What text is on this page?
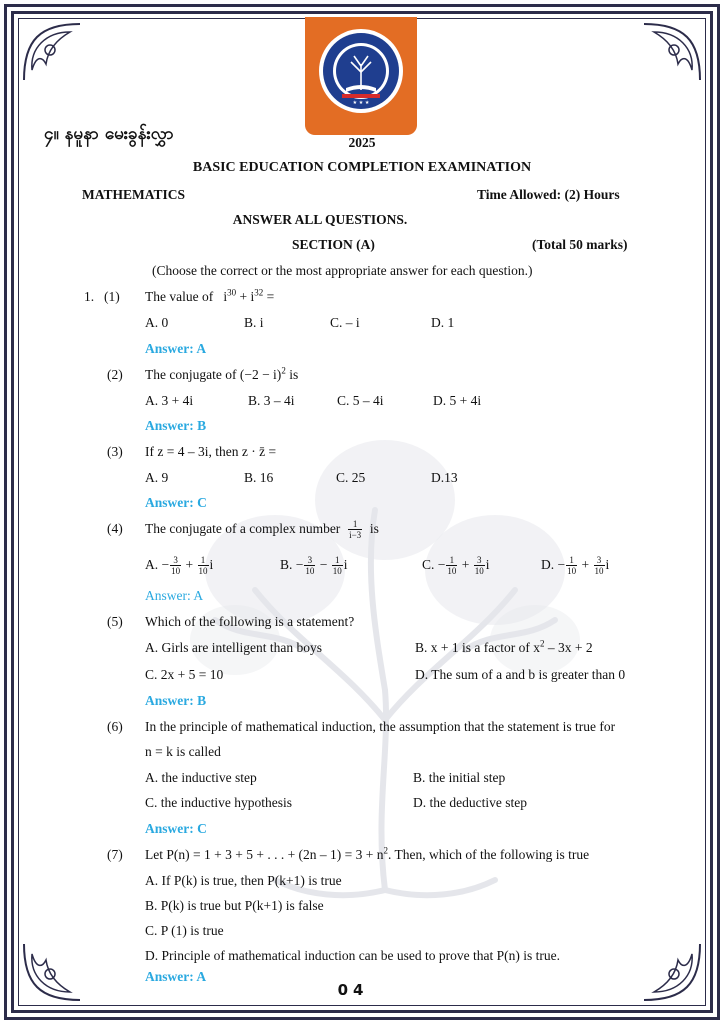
★ ★ ★
၄။ နမူနာ မေးခွန်းလွှာ	2025
BASIC EDUCATION COMPLETION EXAMINATION
MATHEMATICS	Time Allowed: (2) Hours
ANSWER ALL QUESTIONS.
SECTION (A)	(Total 50 marks)
(Choose the correct or the most appropriate answer for each question.)
1. (1) The value of $i^{30} + i^{32}$ =
A. 0	B. i	C. – i	D. 1
Answer: A
(2) The conjugate of $(-2 - i)^2$ is
A. 3 + 4i	B. 3 – 4i	C. 5 – 4i	D. 5 + 4i
Answer: B
(3) If z = 4 – 3i, then z · z̄ =
A. 9	B. 16	C. 25	D.13
Answer: C
(4) The conjugate of a complex number $\frac{1}{i-3}$ is
A. − $\frac{3}{10} + \frac{1}{10}$ i	B. − $\frac{3}{10} - \frac{1}{10}$ i	C. − $\frac{1}{10} + \frac{3}{10}$ i	D. − $\frac{1}{10} + \frac{3}{10}$ i
Answer: A
(5) Which of the following is a statement?
A. Girls are intelligent than boys	B. x + 1 is a factor of $x^2 - 3x + 2$
C. 2x + 5 = 10	D. The sum of a and b is greater than 0
Answer: B
(6) In the principle of mathematical induction, the assumption that the statement is true for
n = k is called
A. the inductive step	B. the initial step
C. the inductive hypothesis	D. the deductive step
Answer: C
(7) Let P(n) = 1 + 3 + 5 + . . . + $(2n - 1) = 3 + n^2$. Then, which of the following is true
A. If P(k) is true, then P(k+1) is true
B. P(k) is true but P(k+1) is false
C. P (1) is true
D. Principle of mathematical induction can be used to prove that P(n) is true.
Answer: A
04
